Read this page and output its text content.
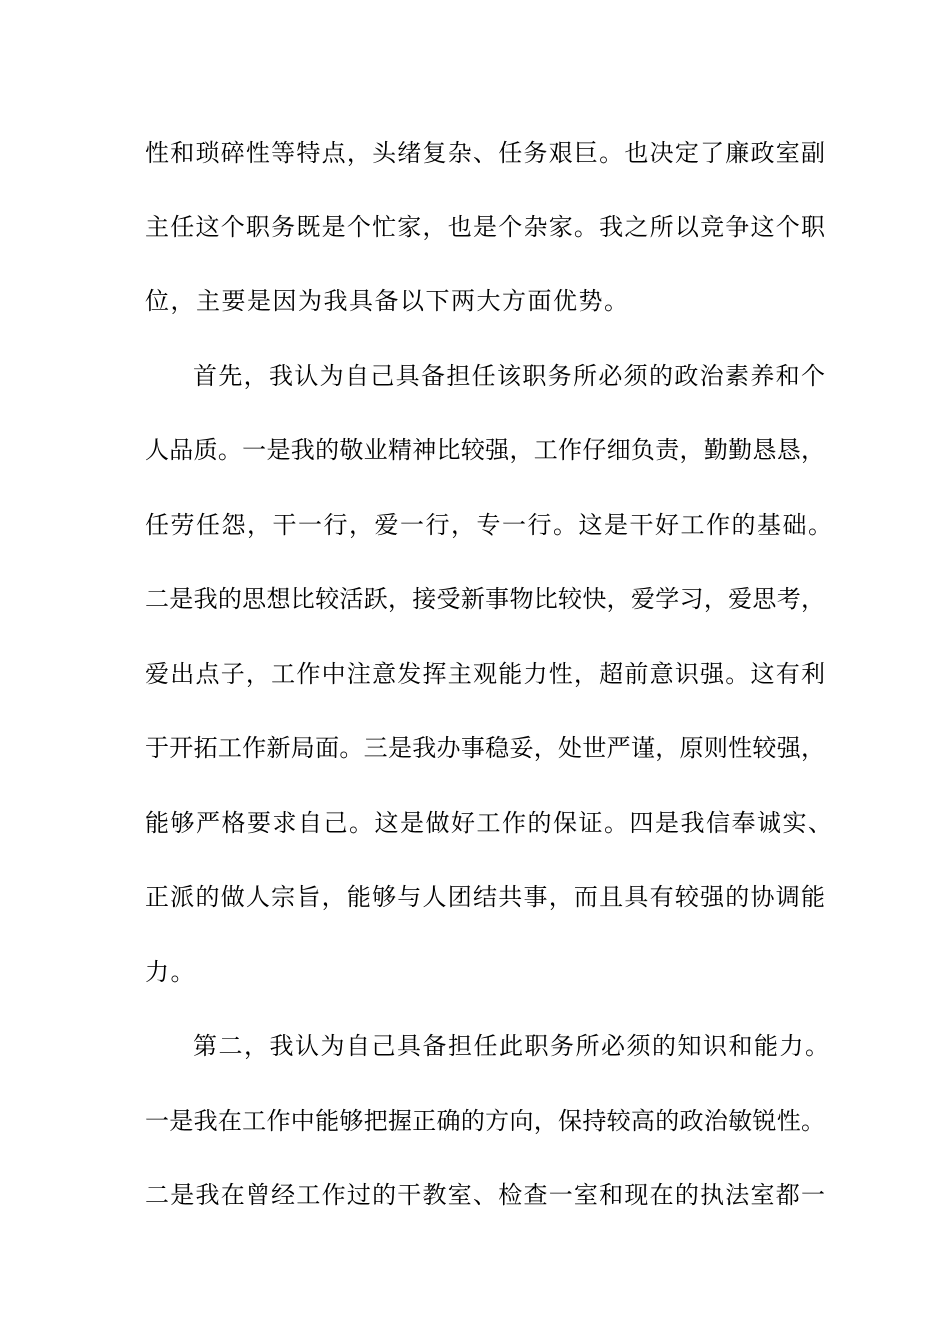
性和琐碎性等特点，头绪复杂、任务艰巨。也决定了廉政室副

主任这个职务既是个忙家，也是个杂家。我之所以竞争这个职

位，主要是因为我具备以下两大方面优势。

首先，我认为自己具备担任该职务所必须的政治素养和个

人品质。一是我的敬业精神比较强，工作仔细负责，勤勤恳恳，

任劳任怨，干一行，爱一行，专一行。这是干好工作的基础。

二是我的思想比较活跃，接受新事物比较快，爱学习，爱思考，

爱出点子，工作中注意发挥主观能力性，超前意识强。这有利

于开拓工作新局面。三是我办事稳妥，处世严谨，原则性较强，

能够严格要求自己。这是做好工作的保证。四是我信奉诚实、

正派的做人宗旨，能够与人团结共事，而且具有较强的协调能

力。

第二，我认为自己具备担任此职务所必须的知识和能力。

一是我在工作中能够把握正确的方向，保持较高的政治敏锐性。

二是我在曾经工作过的干教室、检查一室和现在的执法室都一
